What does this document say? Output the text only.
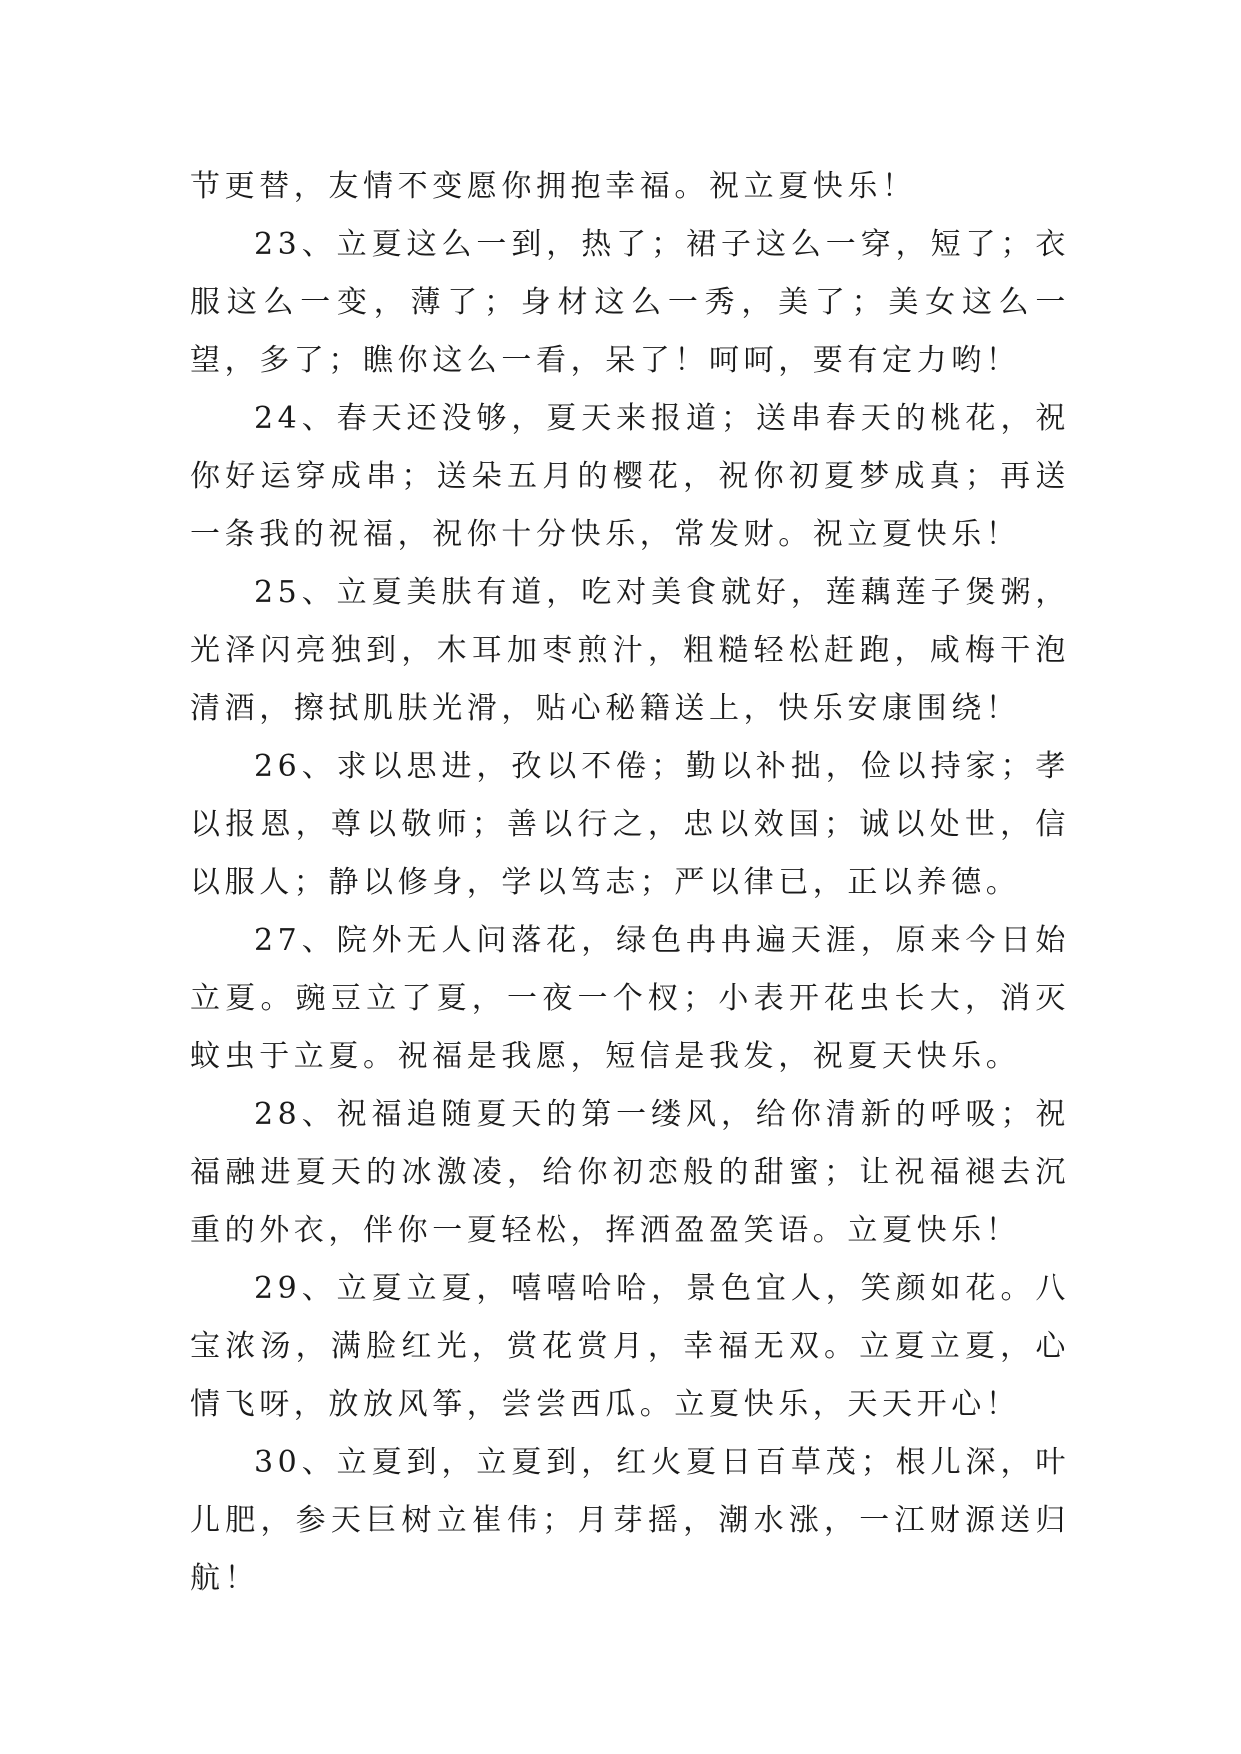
节更替，友情不变愿你拥抱幸福。祝立夏快乐！

23、立夏这么一到，热了；裙子这么一穿，短了；衣服这么一变，薄了；身材这么一秀，美了；美女这么一望，多了；瞧你这么一看，呆了！呵呵，要有定力哟！

24、春天还没够，夏天来报道；送串春天的桃花，祝你好运穿成串；送朵五月的樱花，祝你初夏梦成真；再送一条我的祝福，祝你十分快乐，常发财。祝立夏快乐！

25、立夏美肤有道，吃对美食就好，莲藕莲子煲粥，光泽闪亮独到，木耳加枣煎汁，粗糙轻松赶跑，咸梅干泡清酒，擦拭肌肤光滑，贴心秘籍送上，快乐安康围绕！

26、求以思进，孜以不倦；勤以补拙，俭以持家；孝以报恩，尊以敬师；善以行之，忠以效国；诚以处世，信以服人；静以修身，学以笃志；严以律已，正以养德。

27、院外无人问落花，绿色冉冉遍天涯，原来今日始立夏。豌豆立了夏，一夜一个杈；小表开花虫长大，消灭蚊虫于立夏。祝福是我愿，短信是我发，祝夏天快乐。

28、祝福追随夏天的第一缕风，给你清新的呼吸；祝福融进夏天的冰激凌，给你初恋般的甜蜜；让祝福褪去沉重的外衣，伴你一夏轻松，挥洒盈盈笑语。立夏快乐！

29、立夏立夏，嘻嘻哈哈，景色宜人，笑颜如花。八宝浓汤，满脸红光，赏花赏月，幸福无双。立夏立夏，心情飞呀，放放风筝，尝尝西瓜。立夏快乐，天天开心！

30、立夏到，立夏到，红火夏日百草茂；根儿深，叶儿肥，参天巨树立崔伟；月芽摇，潮水涨，一江财源送归航！
